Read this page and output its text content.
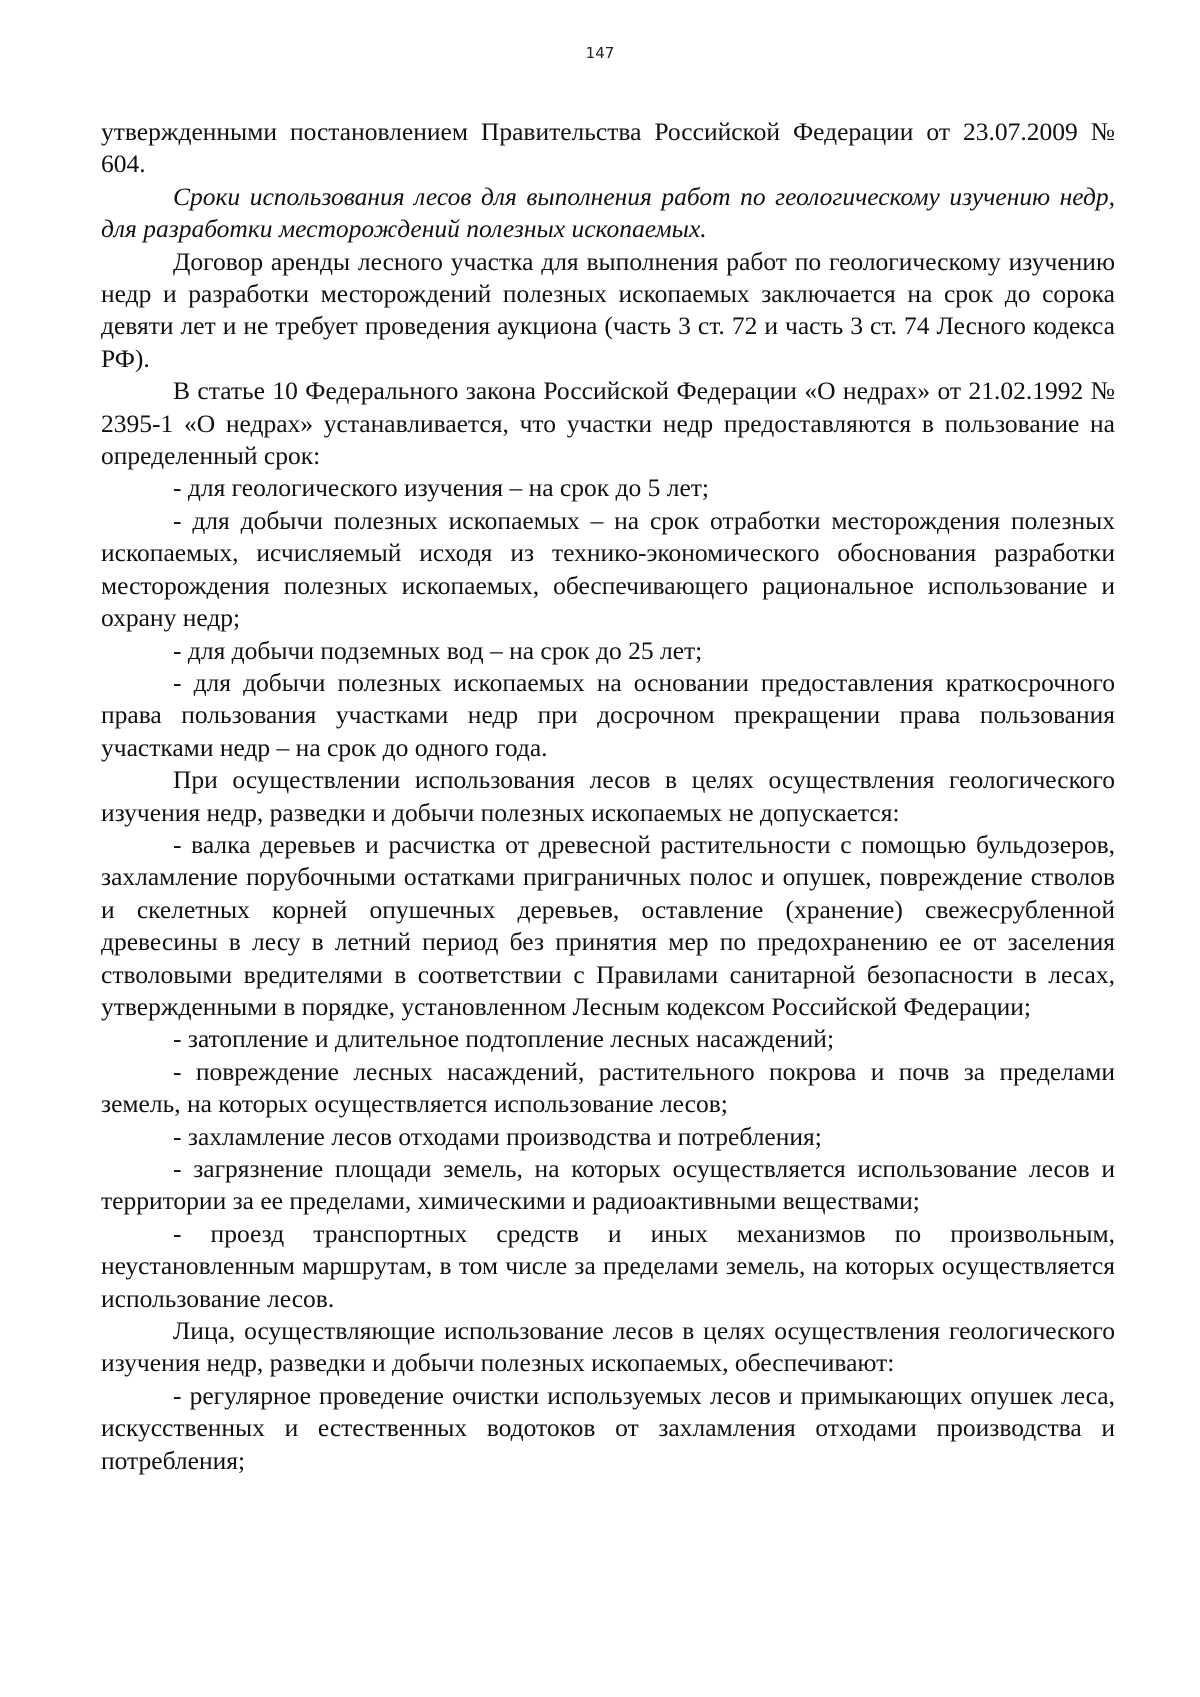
147

утвержденными постановлением Правительства Российской Федерации от 23.07.2009 № 604.

Сроки использования лесов для выполнения работ по геологическому изучению недр, для разработки месторождений полезных ископаемых.

Договор аренды лесного участка для выполнения работ по геологическому изучению недр и разработки месторождений полезных ископаемых заключается на срок до сорока девяти лет и не требует проведения аукциона (часть 3 ст. 72 и часть 3 ст. 74 Лесного кодекса РФ).

В статье 10 Федерального закона Российской Федерации «О недрах» от 21.02.1992 № 2395-1 «О недрах» устанавливается, что участки недр предоставляются в пользование на определенный срок:

- для геологического изучения – на срок до 5 лет;

- для добычи полезных ископаемых – на срок отработки месторождения полезных ископаемых, исчисляемый исходя из технико-экономического обоснования разработки месторождения полезных ископаемых, обеспечивающего рациональное использование и охрану недр;

- для добычи подземных вод – на срок до 25 лет;

- для добычи полезных ископаемых на основании предоставления краткосрочного права пользования участками недр при досрочном прекращении права пользования участками недр – на срок до одного года.

При осуществлении использования лесов в целях осуществления геологического изучения недр, разведки и добычи полезных ископаемых не допускается:

- валка деревьев и расчистка от древесной растительности с помощью бульдозеров, захламление порубочными остатками приграничных полос и опушек, повреждение стволов и скелетных корней опушечных деревьев, оставление (хранение) свежесрубленной древесины в лесу в летний период без принятия мер по предохранению ее от заселения стволовыми вредителями в соответствии с Правилами санитарной безопасности в лесах, утвержденными в порядке, установленном Лесным кодексом Российской Федерации;

- затопление и длительное подтопление лесных насаждений;

- повреждение лесных насаждений, растительного покрова и почв за пределами земель, на которых осуществляется использование лесов;

- захламление лесов отходами производства и потребления;

- загрязнение площади земель, на которых осуществляется использование лесов и территории за ее пределами, химическими и радиоактивными веществами;

- проезд транспортных средств и иных механизмов по произвольным, неустановленным маршрутам, в том числе за пределами земель, на которых осуществляется использование лесов.

Лица, осуществляющие использование лесов в целях осуществления геологического изучения недр, разведки и добычи полезных ископаемых, обеспечивают:

- регулярное проведение очистки используемых лесов и примыкающих опушек леса, искусственных и естественных водотоков от захламления отходами производства и потребления;
